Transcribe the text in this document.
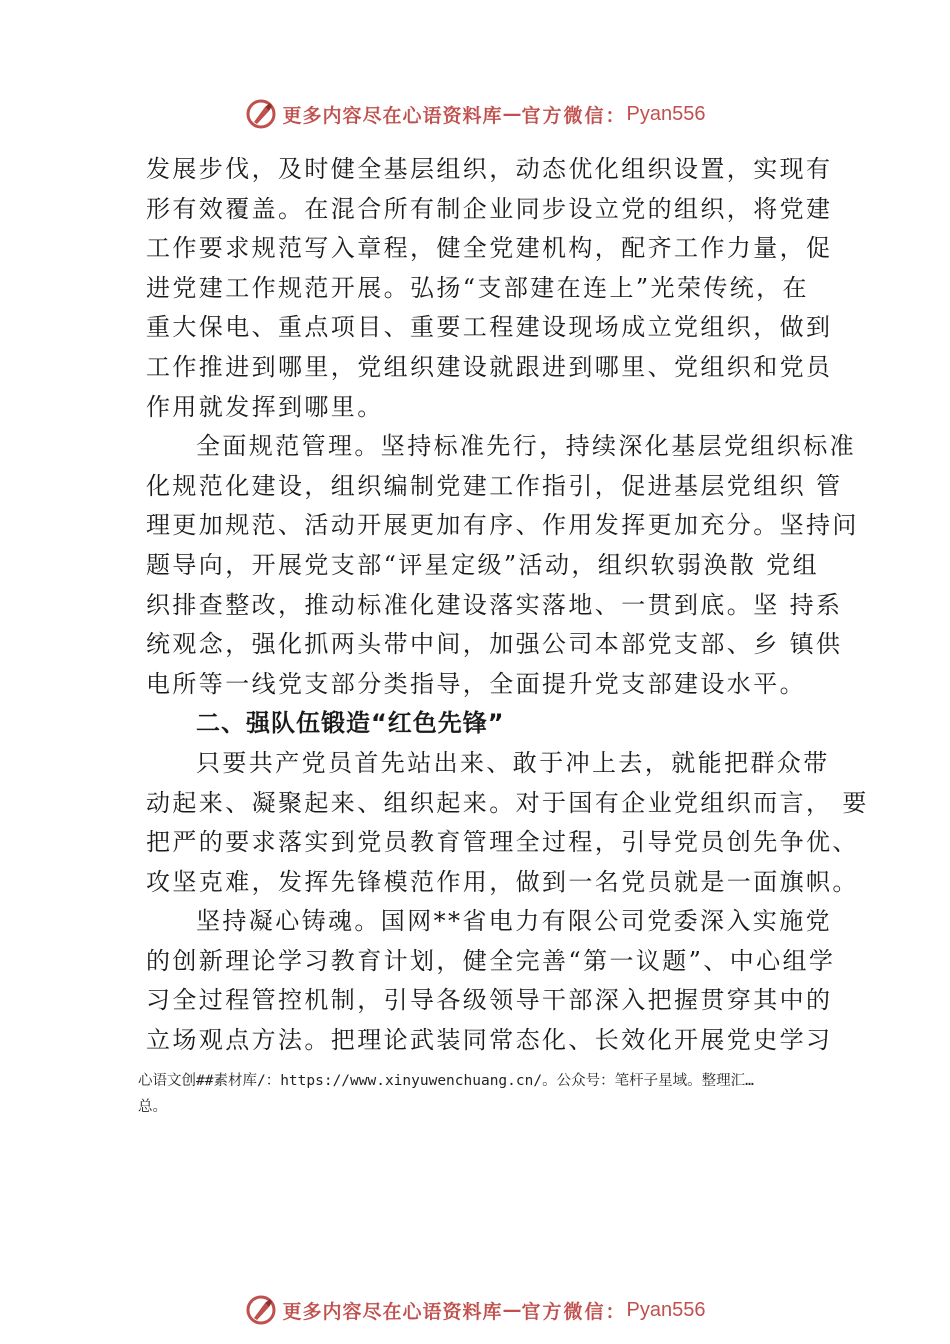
更多内容尽在心语资料库 — 官方微信： Pyan556
发展步伐，及时健全基层组织，动态优化组织设置，实现有
形有效覆盖。在混合所有制企业同步设立党的组织，将党建
工作要求规范写入章程，健全党建机构，配齐工作力量，促
进党建工作规范开展。弘扬“支部建在连上”光荣传统，在
重大保电、重点项目、重要工程建设现场成立党组织，做到
工作推进到哪里，党组织建设就跟进到哪里、党组织和党员
作用就发挥到哪里。
全面规范管理。坚持标准先行，持续深化基层党组织标准
化规范化建设，组织编制党建工作指引，促进基层党组织 管
理更加规范、活动开展更加有序、作用发挥更加充分。坚持问
题导向，开展党支部“评星定级”活动，组织软弱涣散 党组
织排查整改，推动标准化建设落实落地、一贯到底。坚 持系
统观念，强化抓两头带中间，加强公司本部党支部、乡 镇供
电所等一线党支部分类指导，全面提升党支部建设水平。
二、强队伍锻造“红色先锋”
只要共产党员首先站出来、敢于冲上去，就能把群众带
动起来、凝聚起来、组织起来。对于国有企业党组织而言， 要
把严的要求落实到党员教育管理全过程，引导党员创先争优、
攻坚克难，发挥先锋模范作用，做到一名党员就是一面旗帜。
坚持凝心铸魂。国网**省电力有限公司党委深入实施党
的创新理论学习教育计划，健全完善“第一议题”、中心组学
习全过程管控机制，引导各级领导干部深入把握贯穿其中的
立场观点方法。把理论武装同常态化、长效化开展党史学习
心语文创##素材库/：https://www.xinyuwenchuang.cn/。公众号：笔杆子星域。整理汇…
总。
更多内容尽在心语资料库 — 官方微信： Pyan556
